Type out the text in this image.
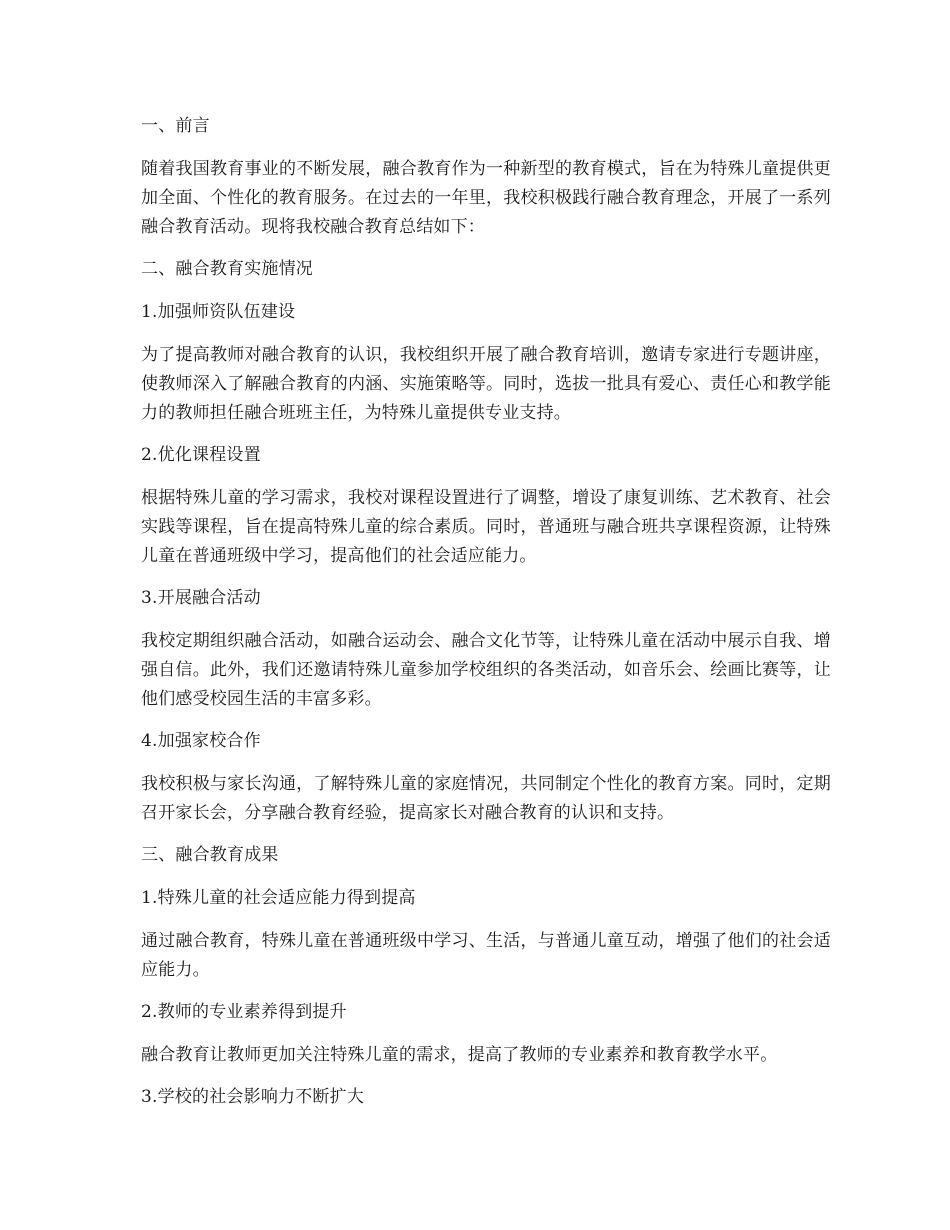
一、前言

随着我国教育事业的不断发展，融合教育作为一种新型的教育模式，旨在为特殊儿童提供更加全面、个性化的教育服务。在过去的一年里，我校积极践行融合教育理念，开展了一系列融合教育活动。现将我校融合教育总结如下：

二、融合教育实施情况

1.加强师资队伍建设

为了提高教师对融合教育的认识，我校组织开展了融合教育培训，邀请专家进行专题讲座，使教师深入了解融合教育的内涵、实施策略等。同时，选拔一批具有爱心、责任心和教学能力的教师担任融合班班主任，为特殊儿童提供专业支持。

2.优化课程设置

根据特殊儿童的学习需求，我校对课程设置进行了调整，增设了康复训练、艺术教育、社会实践等课程，旨在提高特殊儿童的综合素质。同时，普通班与融合班共享课程资源，让特殊儿童在普通班级中学习，提高他们的社会适应能力。

3.开展融合活动

我校定期组织融合活动，如融合运动会、融合文化节等，让特殊儿童在活动中展示自我、增强自信。此外，我们还邀请特殊儿童参加学校组织的各类活动，如音乐会、绘画比赛等，让他们感受校园生活的丰富多彩。

4.加强家校合作

我校积极与家长沟通，了解特殊儿童的家庭情况，共同制定个性化的教育方案。同时，定期召开家长会，分享融合教育经验，提高家长对融合教育的认识和支持。

三、融合教育成果

1.特殊儿童的社会适应能力得到提高

通过融合教育，特殊儿童在普通班级中学习、生活，与普通儿童互动，增强了他们的社会适应能力。

2.教师的专业素养得到提升

融合教育让教师更加关注特殊儿童的需求，提高了教师的专业素养和教育教学水平。

3.学校的社会影响力不断扩大
